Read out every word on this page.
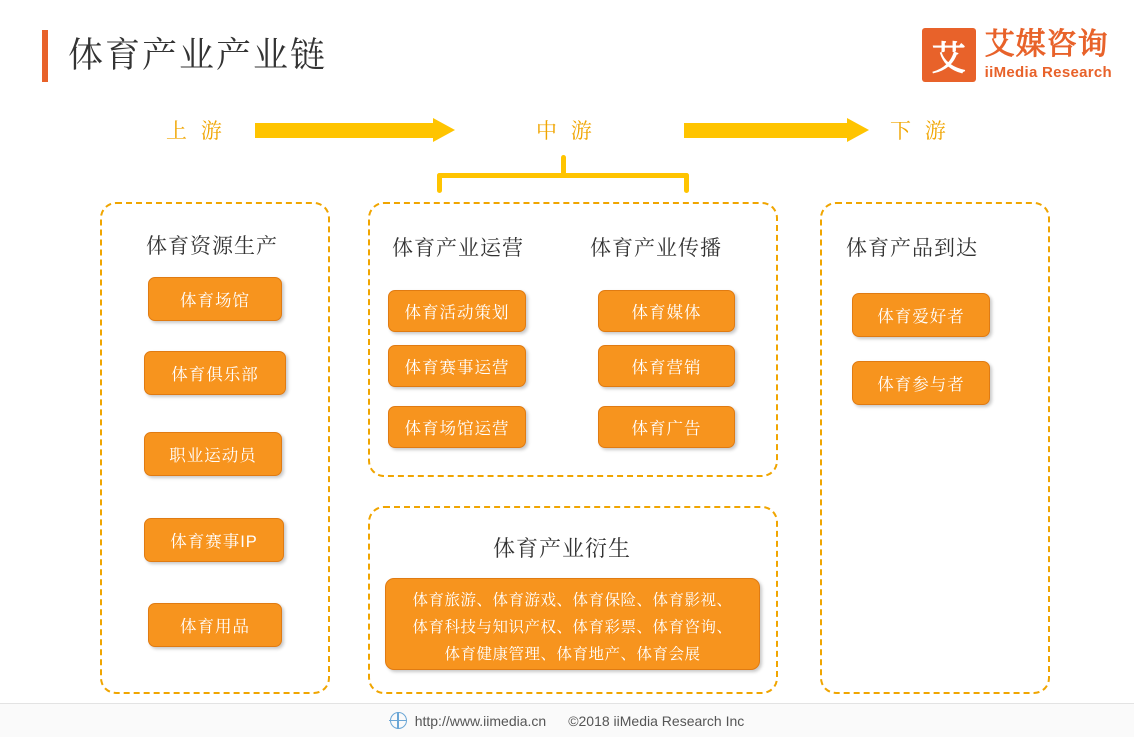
体育产业产业链	艾 艾媒咨询
iiMedia Research
上 游	中 游	下 游
体育资源生产
体育场馆
体育俱乐部
职业运动员
体育赛事IP
体育用品
体育产业运营
体育活动策划
体育赛事运营
体育场馆运营
体育产业传播
体育媒体
体育营销
体育广告
体育产业衍生
体育旅游、体育游戏、体育保险、体育影视、体育科技与知识产权、体育彩票、体育咨询、体育健康管理、体育地产、体育会展
体育产品到达
体育爱好者
体育参与者
http://www.iimedia.cn ©2018 iiMedia Research Inc
